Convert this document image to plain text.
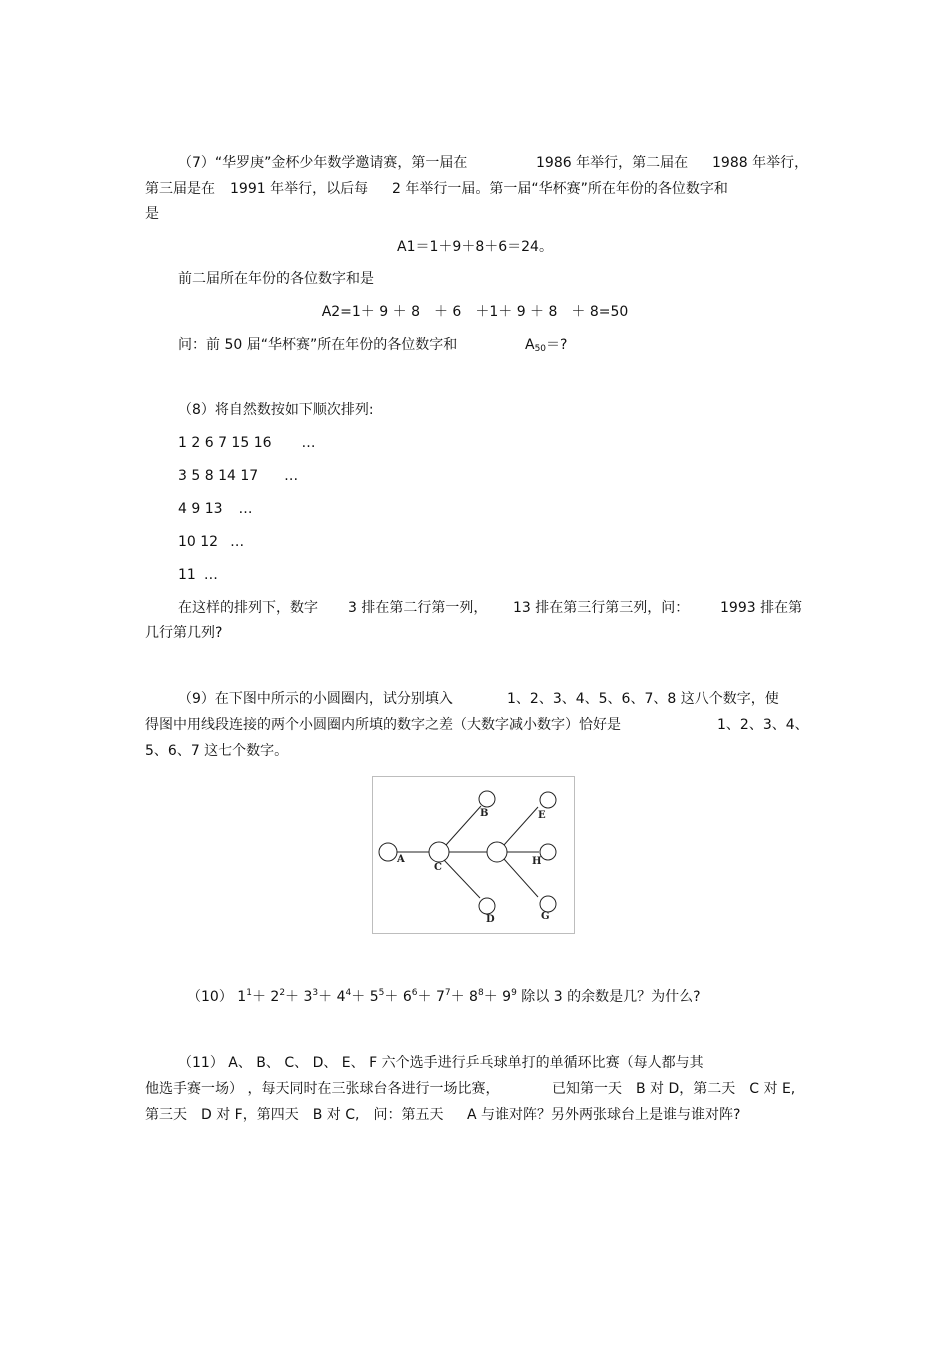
（7）“华罗庚”金杯少年数学邀请赛，第一届在	1986 年举行，第二届在 1988 年举行，
第三届是在 1991 年举行，以后每 2 年举行一届。第一届“华杯赛”所在年份的各位数字和
是
A1＝1＋9＋8＋6＝24。
前二届所在年份的各位数字和是
A2=1＋ 9 ＋ 8　＋ 6　＋1＋ 9 ＋ 8　＋ 8=50
问：前 50 届“华杯赛”所在年份的各位数字和	$A_{50}=$?
（8）将自然数按如下顺次排列:
1 2 6 7 15 16 …
3 5 8 14 17 …
4 9 13 …
10 12 …
11 …
在这样的排列下，数字 3 排在第二行第一列， 13 排在第三行第三列，问： 1993 排在第
几行第几列?
（9）在下图中所示的小圆圈内，试分别填入	1、2、3、4、5、6、7、8 这八个数字，使
得图中用线段连接的两个小圆圈内所填的数字之差（大数字减小数字）恰好是	1、2、3、4、
5、6、7 这七个数字。
A
C
B	E
H
D	G
（10） $1^1+ 2^2+ 3^3+ 4^4+ 5^5+ 6^6+ 7^7+ 8^8+ 9^9$ 除以 3 的余数是几？为什么?
（11） A、 B、 C、 D、 E、 F 六个选手进行乒乓球单打的单循环比赛（每人都与其
他选手赛一场） ，每天同时在三张球台各进行一场比赛，	已知第一天　B 对 D，第二天　C 对 E,
第三天　D 对 F，第四天　B 对 C,　问：第五天 A 与谁对阵？另外两张球台上是谁与谁对阵?
